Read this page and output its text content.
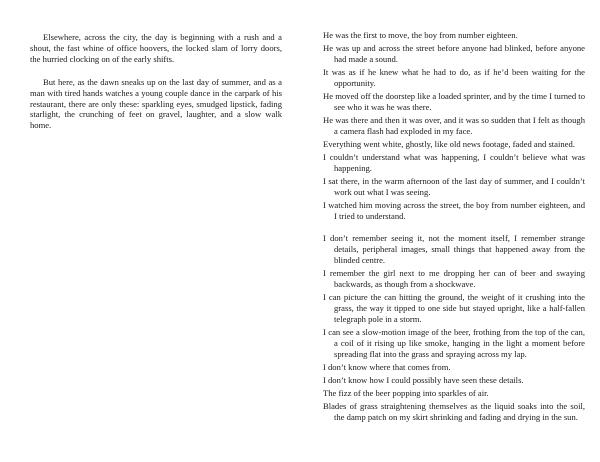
Elsewhere, across the city, the day is beginning with a rush and a shout, the fast whine of office hoovers, the locked slam of lorry doors, the hurried clocking on of the early shifts.

But here, as the dawn sneaks up on the last day of summer, and as a man with tired hands watches a young couple dance in the carpark of his restaurant, there are only these: sparkling eyes, smudged lipstick, fading starlight, the crunching of feet on gravel, laughter, and a slow walk home.

He was the first to move, the boy from number eighteen.

He was up and across the street before anyone had blinked, before anyone had made a sound.

It was as if he knew what he had to do, as if he’d been waiting for the opportunity.

He moved off the doorstep like a loaded sprinter, and by the time I turned to see who it was he was there.

He was there and then it was over, and it was so sudden that I felt as though a camera flash had exploded in my face.

Everything went white, ghostly, like old news footage, faded and stained.

I couldn’t understand what was happening, I couldn’t believe what was happening.

I sat there, in the warm afternoon of the last day of summer, and I couldn’t work out what I was seeing.

I watched him moving across the street, the boy from number eighteen, and I tried to understand.

I don’t remember seeing it, not the moment itself, I remember strange details, peripheral images, small things that happened away from the blinded centre.

I remember the girl next to me dropping her can of beer and swaying backwards, as though from a shockwave.

I can picture the can hitting the ground, the weight of it crushing into the grass, the way it tipped to one side but stayed upright, like a half-fallen telegraph pole in a storm.

I can see a slow-motion image of the beer, frothing from the top of the can, a coil of it rising up like smoke, hanging in the light a moment before spreading flat into the grass and spraying across my lap.

I don’t know where that comes from.

I don’t know how I could possibly have seen these details.

The fizz of the beer popping into sparkles of air.

Blades of grass straightening themselves as the liquid soaks into the soil, the damp patch on my skirt shrinking and fading and drying in the sun.
